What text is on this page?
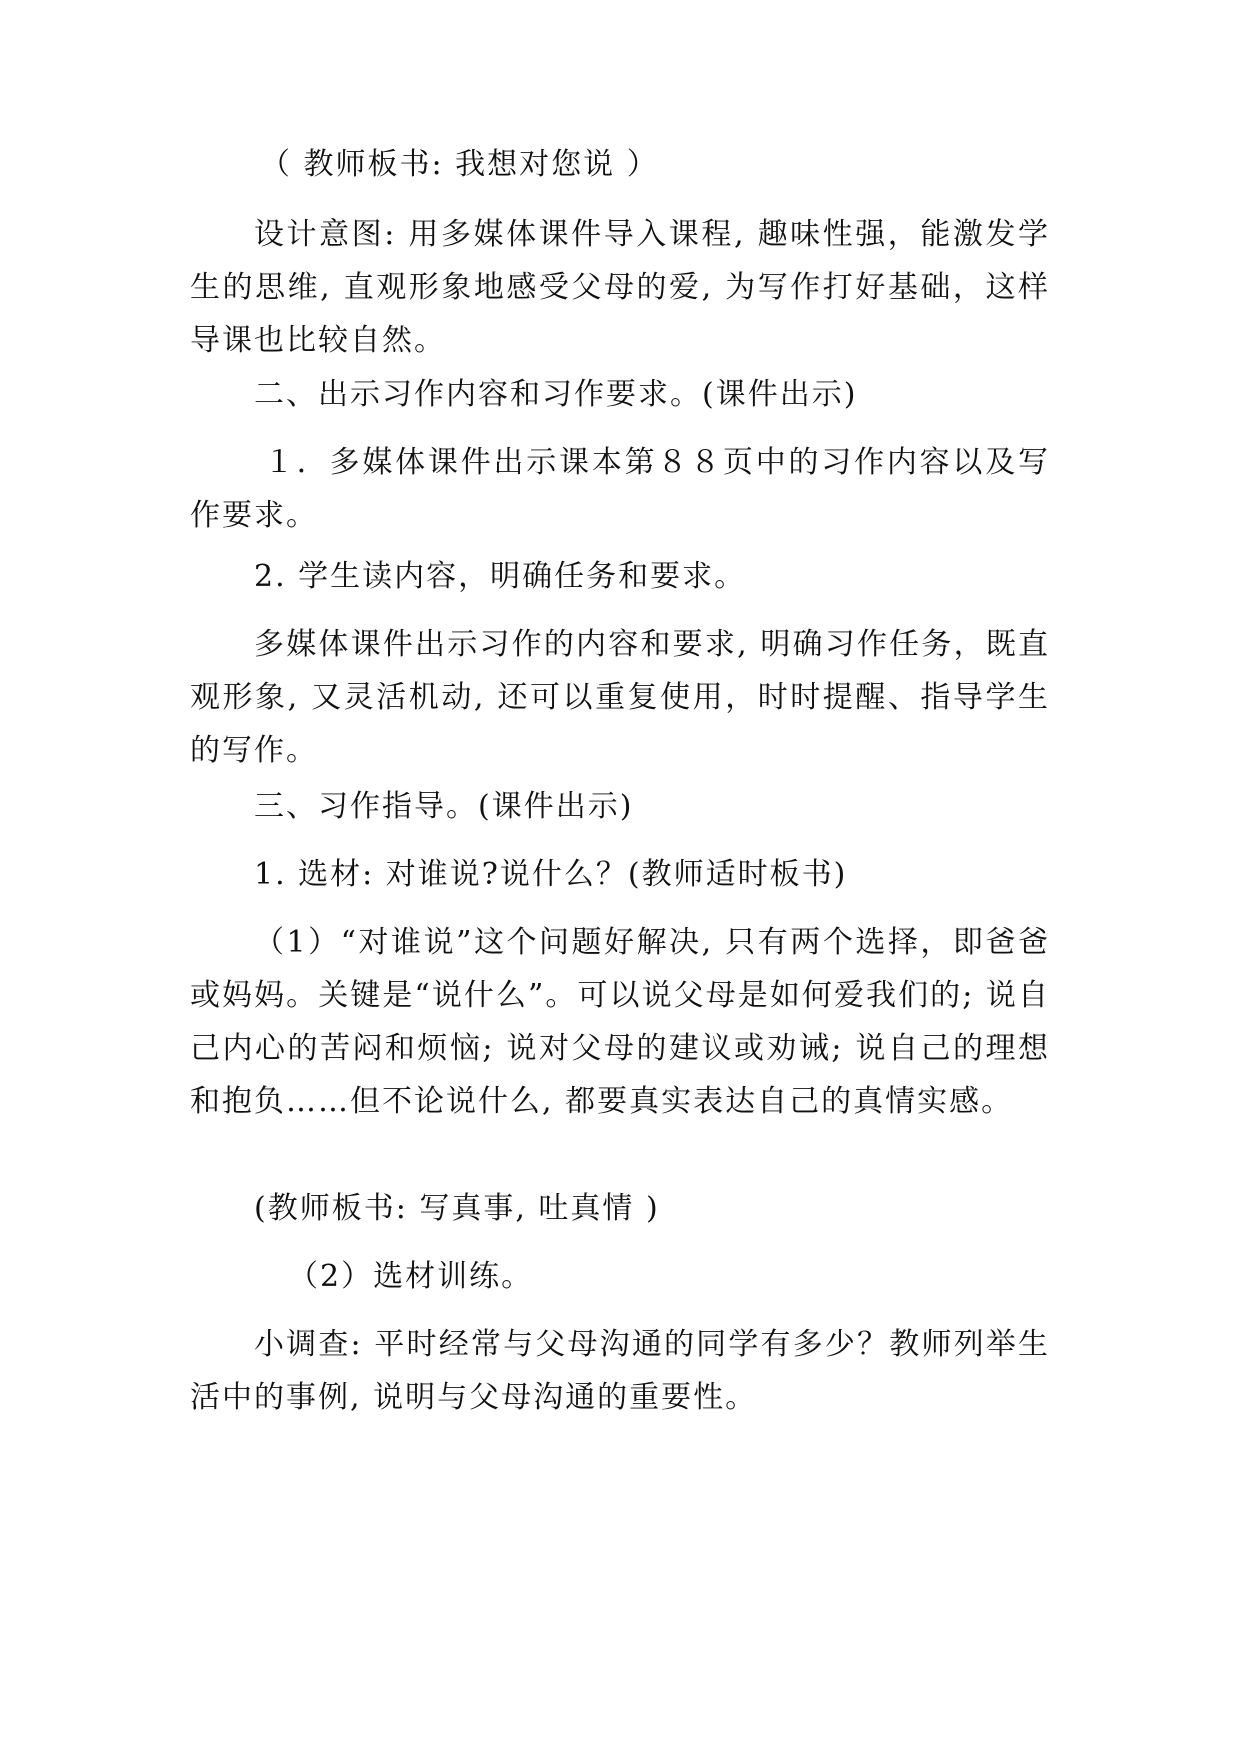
（ 教师板书: 我想对您说 ）

设计意图: 用多媒体课件导入课程, 趣味性强，能激发学生的思维, 直观形象地感受父母的爱, 为写作打好基础，这样导课也比较自然。

二、出示习作内容和习作要求。(课件出示)

１．多媒体课件出示课本第８８页中的习作内容以及写作要求。

2. 学生读内容，明确任务和要求。

多媒体课件出示习作的内容和要求, 明确习作任务，既直观形象, 又灵活机动, 还可以重复使用，时时提醒、指导学生的写作。

三、习作指导。(课件出示)

1. 选材: 对谁说?说什么？(教师适时板书)

（1）“对谁说”这个问题好解决, 只有两个选择，即爸爸或妈妈。关键是“说什么”。可以说父母是如何爱我们的; 说自己内心的苦闷和烦恼; 说对父母的建议或劝诫; 说自己的理想和抱负……但不论说什么, 都要真实表达自己的真情实感。

(教师板书: 写真事, 吐真情 )

（2）选材训练。

小调查: 平时经常与父母沟通的同学有多少？教师列举生活中的事例, 说明与父母沟通的重要性。
